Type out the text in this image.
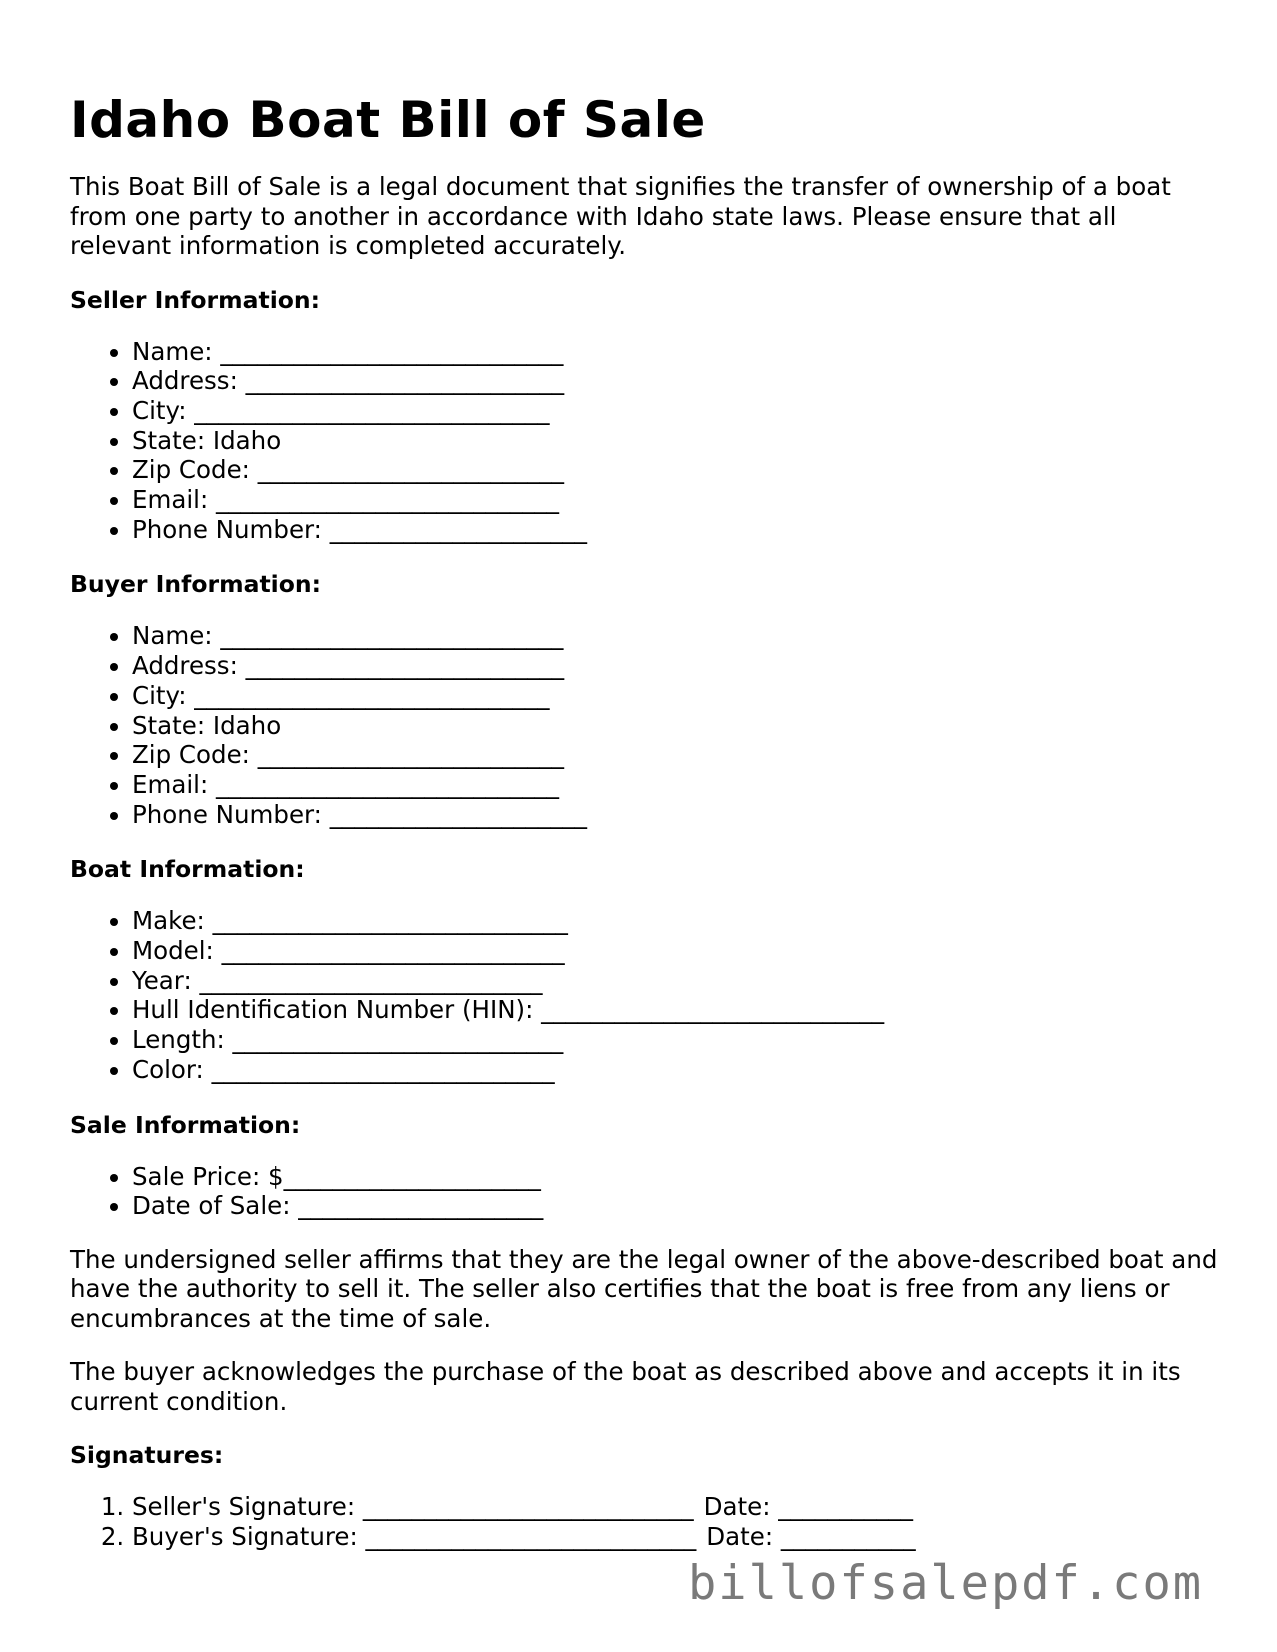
Idaho Boat Bill of Sale

This Boat Bill of Sale is a legal document that signifies the transfer of ownership of a boat from one party to another in accordance with Idaho state laws. Please ensure that all relevant information is completed accurately.

Seller Information:
• Name: ____________________________
• Address: __________________________
• City: _____________________________
• State: Idaho
• Zip Code: _________________________
• Email: ____________________________
• Phone Number: _____________________
Buyer Information:
• Name: ____________________________
• Address: __________________________
• City: _____________________________
• State: Idaho
• Zip Code: _________________________
• Email: ____________________________
• Phone Number: _____________________
Boat Information:
• Make: _____________________________
• Model: ____________________________
• Year: ____________________________
• Hull Identification Number (HIN): ____________________________
• Length: ___________________________
• Color: ____________________________
Sale Information:
• Sale Price: $_____________________
• Date of Sale: ____________________

The undersigned seller affirms that they are the legal owner of the above-described boat and have the authority to sell it. The seller also certifies that the boat is free from any liens or encumbrances at the time of sale.

The buyer acknowledges the purchase of the boat as described above and accepts it in its current condition.

Signatures:
1. Seller's Signature: ___________________________ Date: ___________
2. Buyer's Signature: ___________________________ Date: ___________
billofsalepdf.com
